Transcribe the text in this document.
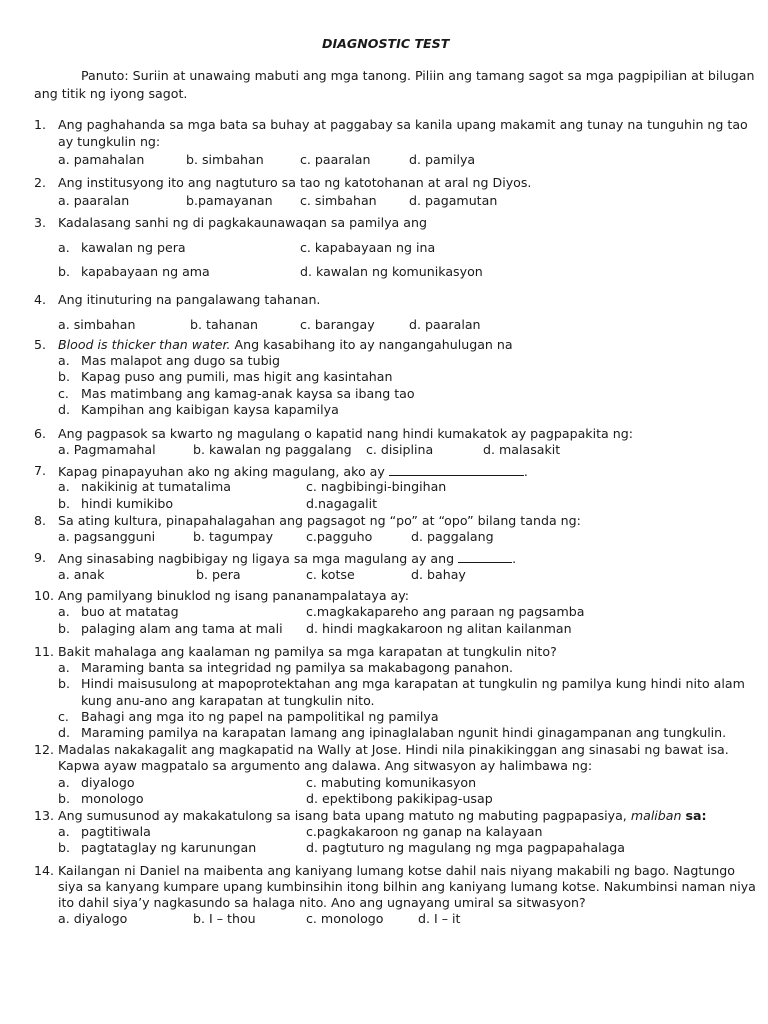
DIAGNOSTIC TEST
Panuto: Suriin at unawaing mabuti ang mga tanong. Piliin ang tamang sagot sa mga pagpipilian at bilugan
ang titik ng iyong sagot.
1. Ang paghahanda sa mga bata sa buhay at paggabay sa kanila upang makamit ang tunay na tunguhin ng tao
ay tungkulin ng:
a. pamahalan	b. simbahan	c. paaralan	d. pamilya
2. Ang institusyong ito ang nagtuturo sa tao ng katotohanan at aral ng Diyos.
a. paaralan	b.pamayanan c. simbahan	d. pagamutan
3. Kadalasang sanhi ng di pagkakaunawaqan sa pamilya ang
a. kawalan ng pera	c. kapabayaan ng ina
b. kapabayaan ng ama	d. kawalan ng komunikasyon
4. Ang itinuturing na pangalawang tahanan.
a. simbahan	b. tahanan	c. barangay	d. paaralan
5. Blood is thicker than water. Ang kasabihang ito ay nangangahulugan na
a. Mas malapot ang dugo sa tubig
b. Kapag puso ang pumili, mas higit ang kasintahan
c. Mas matimbang ang kamag-anak kaysa sa ibang tao
d. Kampihan ang kaibigan kaysa kapamilya
6. Ang pagpasok sa kwarto ng magulang o kapatid nang hindi kumakatok ay pagpapakita ng:
a. Pagmamahal	b. kawalan ng paggalang c. disiplina	d. malasakit
7. Kapag pinapayuhan ako ng aking magulang, ako ay	.
a. nakikinig at tumatalima	c. nagbibingi-bingihan
b. hindi kumikibo	d.nagagalit
8. Sa ating kultura, pinapahalagahan ang pagsagot ng “po” at “opo” bilang tanda ng:
a. pagsangguni	b. tagumpay	c.pagguho	d. paggalang
9. Ang sinasabing nagbibigay ng ligaya sa mga magulang ay ang	.
a. anak	b. pera	c. kotse	d. bahay
10. Ang pamilyang binuklod ng isang pananampalataya ay:
a. buo at matatag	c.magkakapareho ang paraan ng pagsamba
b. palaging alam ang tama at mali d. hindi magkakaroon ng alitan kailanman
11. Bakit mahalaga ang kaalaman ng pamilya sa mga karapatan at tungkulin nito?
a. Maraming banta sa integridad ng pamilya sa makabagong panahon.
b. Hindi maisusulong at mapoprotektahan ang mga karapatan at tungkulin ng pamilya kung hindi nito alam
kung anu-ano ang karapatan at tungkulin nito.
c. Bahagi ang mga ito ng papel na pampolitikal ng pamilya
d. Maraming pamilya na karapatan lamang ang ipinaglalaban ngunit hindi ginagampanan ang tungkulin.
12. Madalas nakakagalit ang magkapatid na Wally at Jose. Hindi nila pinakikinggan ang sinasabi ng bawat isa.
Kapwa ayaw magpatalo sa argumento ang dalawa. Ang sitwasyon ay halimbawa ng:
a. diyalogo	c. mabuting komunikasyon
b. monologo	d. epektibong pakikipag-usap
13. Ang sumusunod ay makakatulong sa isang bata upang matuto ng mabuting pagpapasiya, maliban sa:
a. pagtitiwala	c.pagkakaroon ng ganap na kalayaan
b. pagtataglay ng karunungan	d. pagtuturo ng magulang ng mga pagpapahalaga
14. Kailangan ni Daniel na maibenta ang kaniyang lumang kotse dahil nais niyang makabili ng bago. Nagtungo
siya sa kanyang kumpare upang kumbinsihin itong bilhin ang kaniyang lumang kotse. Nakumbinsi naman niya
ito dahil siya’y nagkasundo sa halaga nito. Ano ang ugnayang umiral sa sitwasyon?
a. diyalogo	b. I – thou	c. monologo	d. I – it
